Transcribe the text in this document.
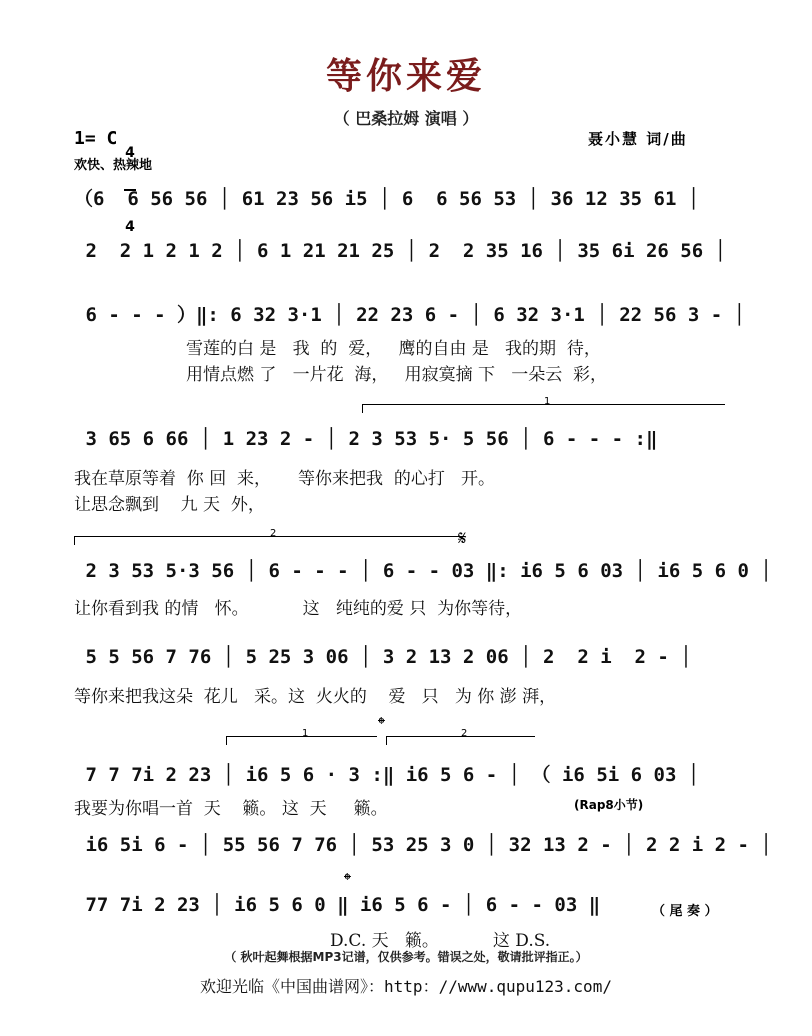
等你来爱
（ 巴桑拉姆 演唱 ）
1= C

4

4

聂小慧 词/曲
欢快、热辣地
（6  6 56 56 │ 61 23 56 i5 │ 6  6 56 53 │ 36 12 35 61 │
2  2 1 2 1 2 │ 6 1 21 21 25 │ 2  2 35 16 │ 35 6i 26 56 │
6 - - - ）‖: 6 32 3·1 │ 22 23 6 - │ 6 32 3·1 │ 22 56 3 - │
雪莲的白 是   我  的  爱，   鹰的自由 是   我的期  待，
用情点燃 了   一片花  海，   用寂寞摘 下   一朵云  彩，
1
3 65 6 66 │ 1 23 2 - │ 2 3 53 5· 5 56 │ 6 - - - :‖
我在草原等着  你 回  来，     等你来把我  的心打   开。
让思念飘到    九 天  外，
2	𝄋
2 3 53 5·3 56 │ 6 - - - │ 6 - - 03 ‖: i6 5 6 03 │ i6 5 6 0 │
让你看到我 的情   怀。          这   纯纯的爱 只  为你等待，
5 5 56 7 76 │ 5 25 3 06 │ 3 2 13 2 06 │ 2  2 i  2 - │
等你来把我这朵  花儿   采。这  火火的    爱   只   为 你 澎 湃，
𝄌
1	2
7 7 7i 2 23 │ i6 5 6 · 3 :‖ i6 5 6 - │ （ i6 5i 6 03 │
我要为你唱一首  天    籁。 这  天     籁。	(Rap8小节)
i6 5i 6 - │ 55 56 7 76 │ 53 25 3 0 │ 32 13 2 - │ 2 2 i 2 - │
𝄌
77 7i 2 23 │ i6 5 6 0 ‖ i6 5 6 - │ 6 - - 03 ‖	（ 尾 奏 ）
D.C. 天   籁。          这 D.S.
（ 秋叶起舞根据MP3记谱，仅供参考。错误之处，敬请批评指正。）
欢迎光临《中国曲谱网》：http：//www.qupu123.com/
